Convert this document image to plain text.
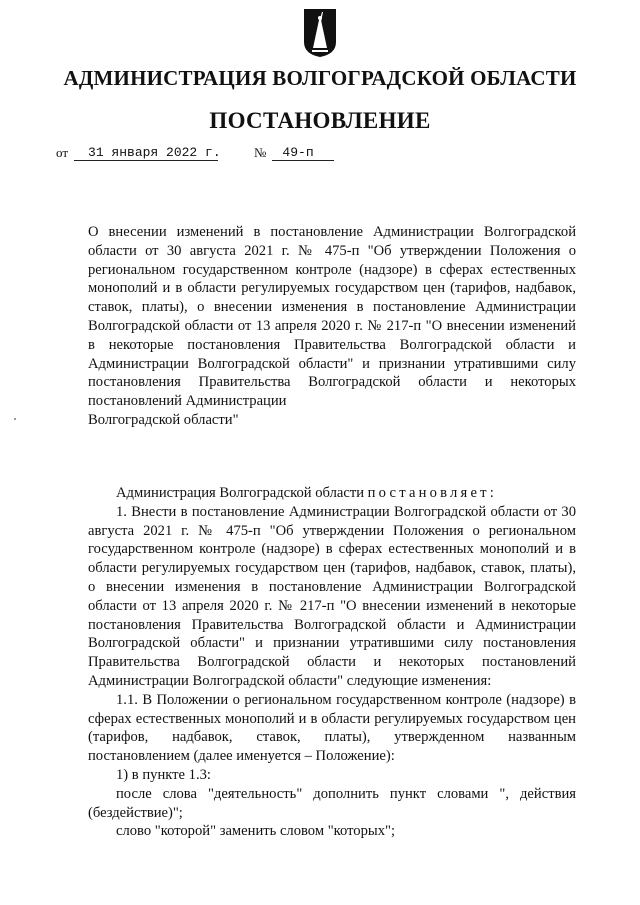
АДМИНИСТРАЦИЯ ВОЛГОГРАДСКОЙ ОБЛАСТИ
ПОСТАНОВЛЕНИЕ
от 31 января 2022 г.	№ 49-п

О внесении изменений в постановление Администрации Волгоградской области от 30 августа 2021 г. № 475-п "Об утверждении Положения о региональном государственном контроле (надзоре) в сферах естественных монополий и в области регулируемых государством цен (тарифов, надбавок, ставок, платы), о внесении изменения в постановление Администрации Волгоградской области от 13 апреля 2020 г. № 217-п "О внесении изменений в некоторые постановления Правительства Волгоградской области и Администрации Волгоградской области" и признании утратившими силу постановления Правительства Волгоградской области и некоторых постановлений Администрации

Волгоградской области"

Администрация Волгоградской области постановляет:

1. Внести в постановление Администрации Волгоградской области от 30 августа 2021 г. № 475-п "Об утверждении Положения о региональном государственном контроле (надзоре) в сферах естественных монополий и в области регулируемых государством цен (тарифов, надбавок, ставок, платы), о внесении изменения в постановление Администрации Волгоградской области от 13 апреля 2020 г. № 217-п "О внесении изменений в некоторые постановления Правительства Волгоградской области и Администрации Волгоградской области" и признании утратившими силу постановления Правительства Волгоградской области и некоторых постановлений Администрации Волгоградской области" следующие изменения:

1.1. В Положении о региональном государственном контроле (надзоре) в сферах естественных монополий и в области регулируемых государством цен (тарифов, надбавок, ставок, платы), утвержденном названным постановлением (далее именуется – Положение):

1) в пункте 1.3:

после слова "деятельность" дополнить пункт словами ", действия (бездействие)";

слово "которой" заменить словом "которых";
